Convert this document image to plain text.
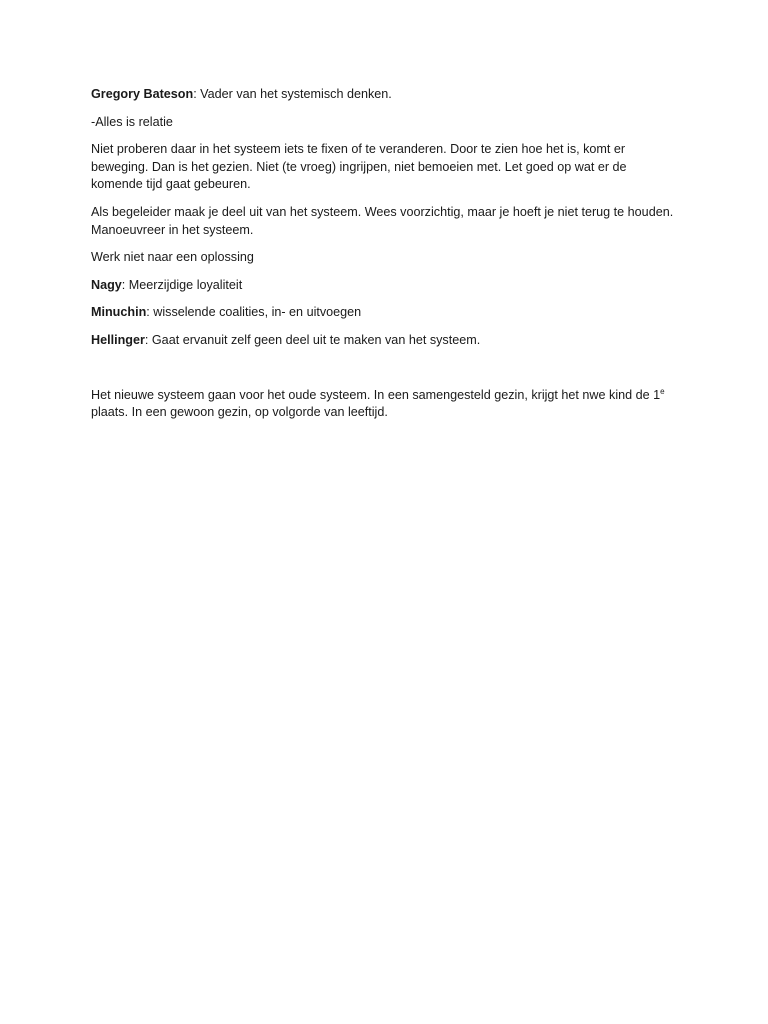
Gregory Bateson: Vader van het systemisch denken.

-Alles is relatie

Niet proberen daar in het systeem iets te fixen of te veranderen. Door te zien hoe het is, komt er beweging. Dan is het gezien. Niet (te vroeg) ingrijpen, niet bemoeien met. Let goed op wat er de komende tijd gaat gebeuren.

Als begeleider maak je deel uit van het systeem. Wees voorzichtig, maar je hoeft je niet terug te houden. Manoeuvreer in het systeem.

Werk niet naar een oplossing

Nagy: Meerzijdige loyaliteit

Minuchin: wisselende coalities, in- en uitvoegen

Hellinger: Gaat ervanuit zelf geen deel uit te maken van het systeem.

Het nieuwe systeem gaan voor het oude systeem. In een samengesteld gezin, krijgt het nwe kind de 1e plaats. In een gewoon gezin, op volgorde van leeftijd.
